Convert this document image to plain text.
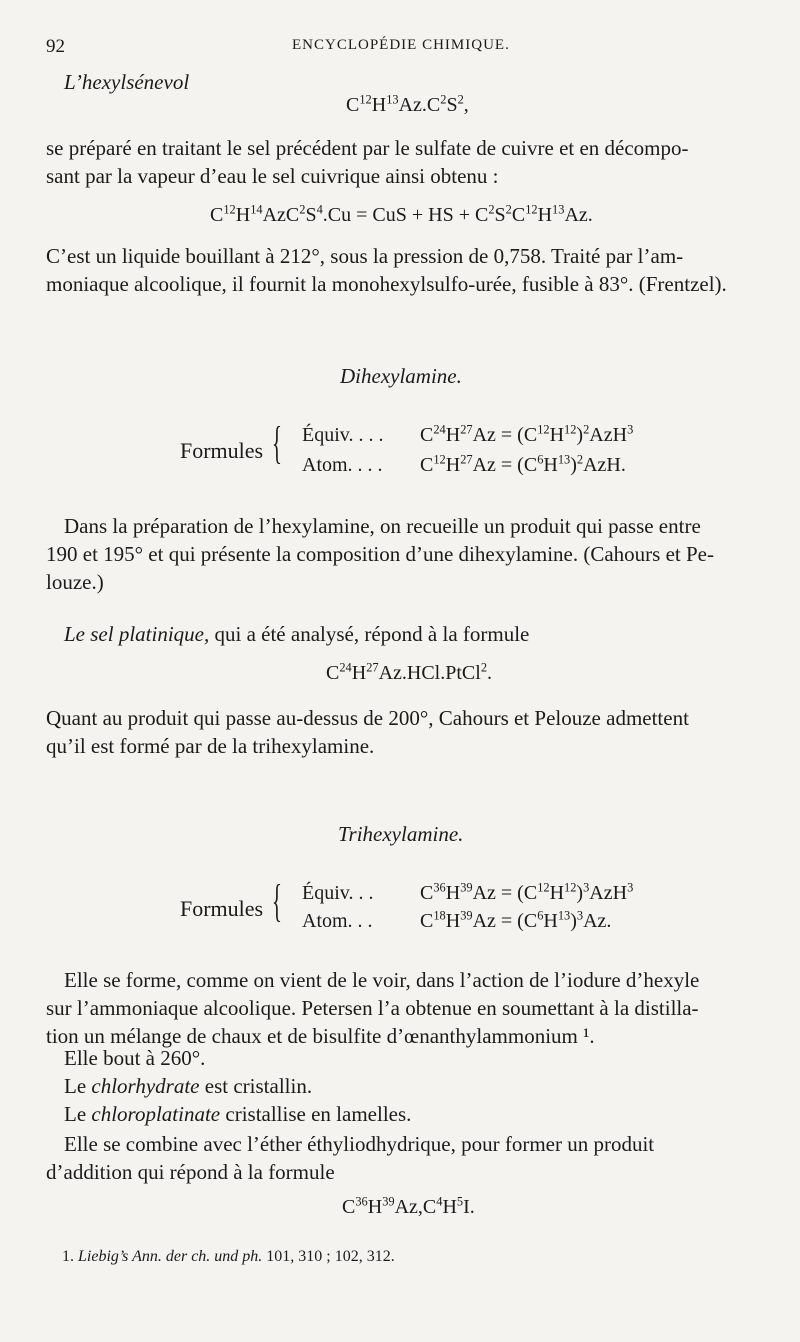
92	ENCYCLOPÉDIE CHIMIQUE.
L’hexylsénevol
$C^{12}H^{13}Az.C^2S^2$,
se préparé en traitant le sel précédent par le sulfate de cuivre et en décompo-
sant par la vapeur d’eau le sel cuivrique ainsi obtenu :
$C^{12}H^{14}AzC^2S^4.Cu$ = CuS + HS + $C^2S^2C^{12}H^{13}Az$.
C’est un liquide bouillant à 212°, sous la pression de 0,758. Traité par l’am-
moniaque alcoolique, il fournit la monohexylsulfo-urée, fusible à 83°. (Frentzel).
Dihexylamine.
Formules { Équiv. . . . $C^{24}H^{27}Az = (C^{12}H^{12})^2AzH^3$
Atom. . . . $C^{12}H^{27}Az = (C^6H^{13})^2AzH$.
Dans la préparation de l’hexylamine, on recueille un produit qui passe entre
190 et 195° et qui présente la composition d’une dihexylamine. (Cahours et Pe-
louze.)
Le sel platinique, qui a été analysé, répond à la formule
$C^{24}H^{27}Az.HCl.PtCl^2$.
Quant au produit qui passe au-dessus de 200°, Cahours et Pelouze admettent
qu’il est formé par de la trihexylamine.
Trihexylamine.
Formules { Équiv. . . $C^{36}H^{39}Az = (C^{12}H^{12})^3AzH^3$
Atom. . . $C^{18}H^{39}Az = (C^6H^{13})^3Az$.
Elle se forme, comme on vient de le voir, dans l’action de l’iodure d’hexyle
sur l’ammoniaque alcoolique. Petersen l’a obtenue en soumettant à la distilla-
tion un mélange de chaux et de bisulfite d’œnanthylammonium ¹.
Elle bout à 260°.
Le chlorhydrate est cristallin.
Le chloroplatinate cristallise en lamelles.
Elle se combine avec l’éther éthyliodhydrique, pour former un produit
d’addition qui répond à la formule
$C^{36}H^{39}Az,C^4H^5I$.
1. Liebig’s Ann. der ch. und ph. 101, 310 ; 102, 312.
